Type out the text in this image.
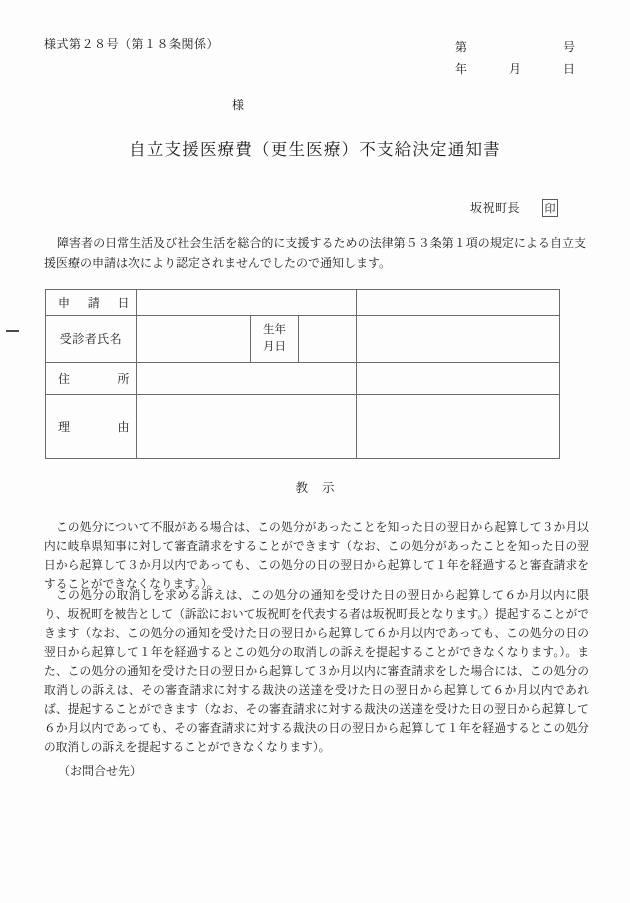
様式第２８号（第１８条関係）	第	号
年	月	日
様
自立支援医療費（更生医療）不支給決定通知書
坂祝町長 印
障害者の日常生活及び社会生活を総合的に支援するための法律第５３条第１項の規定による自立支援医療の申請は次により認定されませんでしたので通知します。
申 請 日				

受診者氏名		生年
月日		

住 所				

理 由				

教示
この処分について不服がある場合は、この処分があったことを知った日の翌日から起算して３か月以内に岐阜県知事に対して審査請求をすることができます（なお、この処分があったことを知った日の翌日から起算して３か月以内であっても、この処分の日の翌日から起算して１年を経過すると審査請求をすることができなくなります。）。
この処分の取消しを求める訴えは、この処分の通知を受けた日の翌日から起算して６か月以内に限り、坂祝町を被告として（訴訟において坂祝町を代表する者は坂祝町長となります。）提起することができます（なお、この処分の通知を受けた日の翌日から起算して６か月以内であっても、この処分の日の翌日から起算して１年を経過するとこの処分の取消しの訴えを提起することができなくなります。）。また、この処分の通知を受けた日の翌日から起算して３か月以内に審査請求をした場合には、この処分の取消しの訴えは、その審査請求に対する裁決の送達を受けた日の翌日から起算して６か月以内であれば、提起することができます（なお、その審査請求に対する裁決の送達を受けた日の翌日から起算して６か月以内であっても、その審査請求に対する裁決の日の翌日から起算して１年を経過するとこの処分の取消しの訴えを提起することができなくなります）。
（お問合せ先）
